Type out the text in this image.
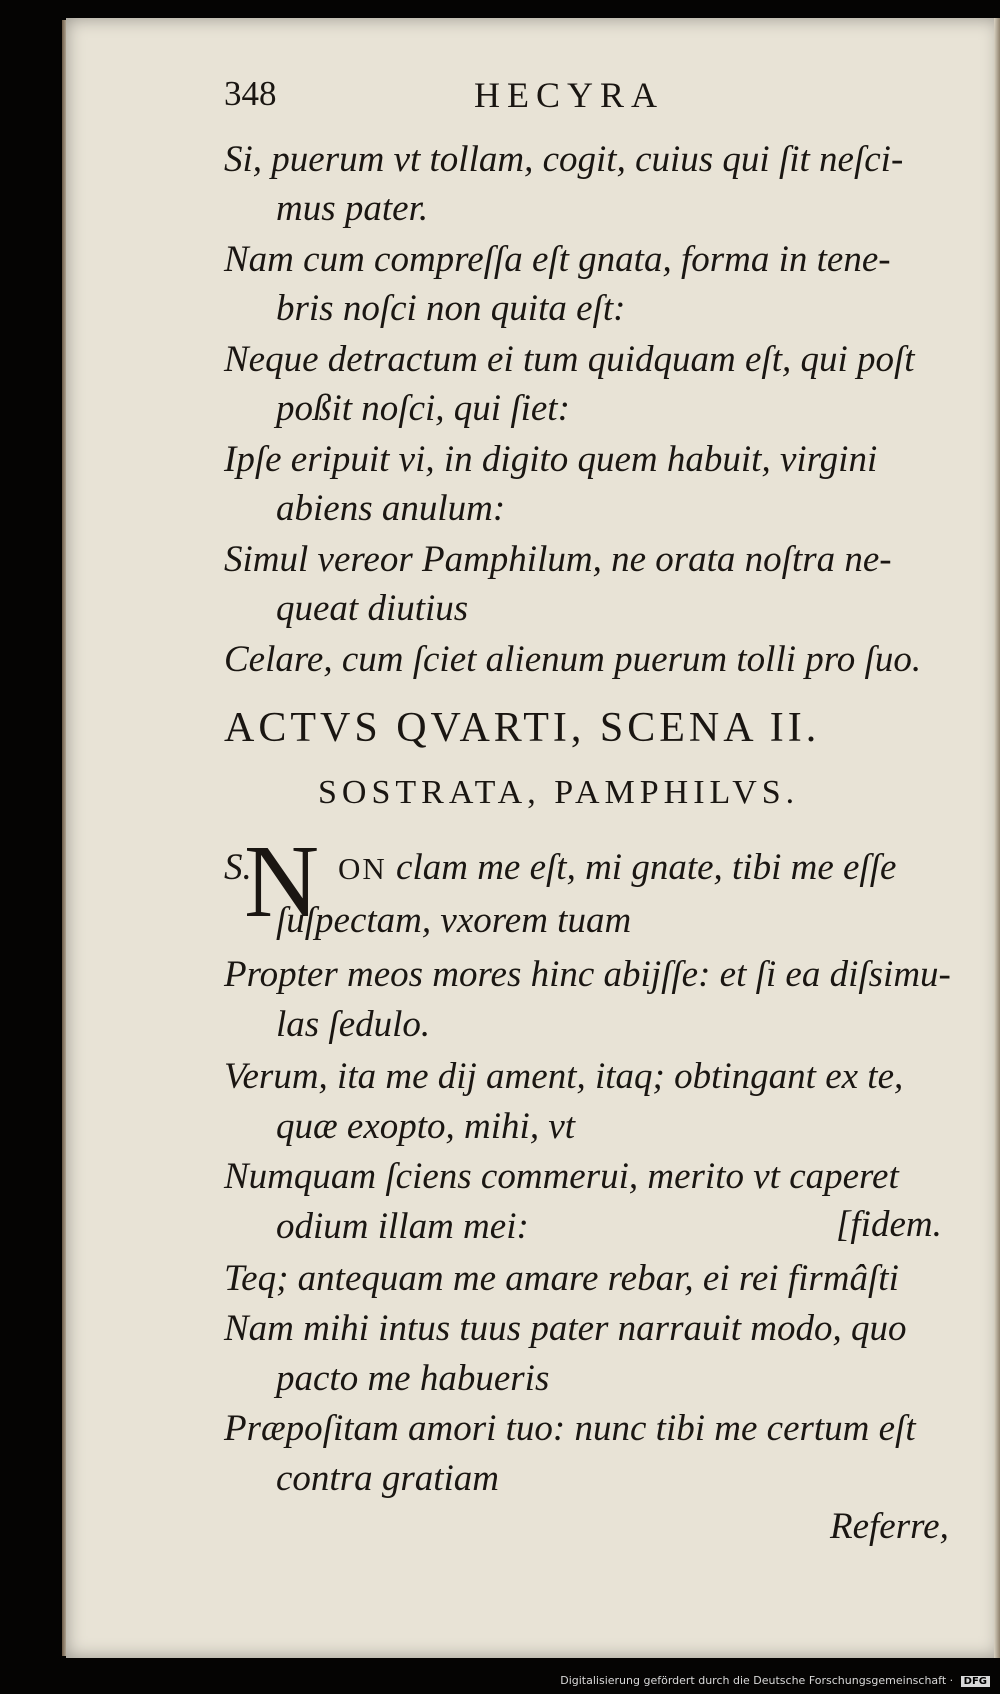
348	HECYRA
Si, puerum vt tollam, cogit, cuius qui ſit neſci-
mus pater.
Nam cum compreſſa eſt gnata, forma in tene-
bris noſci non quita eſt:
Neque detractum ei tum quidquam eſt, qui poſt
poßit noſci, qui ſiet:
Ipſe eripuit vi, in digito quem habuit, virgini
abiens anulum:
Simul vereor Pamphilum, ne orata noſtra ne-
queat diutius
Celare, cum ſciet alienum puerum tolli pro ſuo.
ACTVS QVARTI, SCENA II.
SOSTRATA, PAMPHILVS.
S.
N ON clam me eſt, mi gnate, tibi me eſſe
ſuſpectam, vxorem tuam
Propter meos mores hinc abijſſe: et ſi ea diſsimu-
las ſedulo.
Verum, ita me dij ament, itaq; obtingant ex te,
quæ exopto, mihi, vt
Numquam ſciens commerui, merito vt caperet
odium illam mei:	[fidem.
Teq; antequam me amare rebar, ei rei firmâſti
Nam mihi intus tuus pater narrauit modo, quo
pacto me habueris
Præpoſitam amori tuo: nunc tibi me certum eſt
contra gratiam
Referre,
Digitalisierung gefördert durch die Deutsche Forschungsgemeinschaft · DFG
